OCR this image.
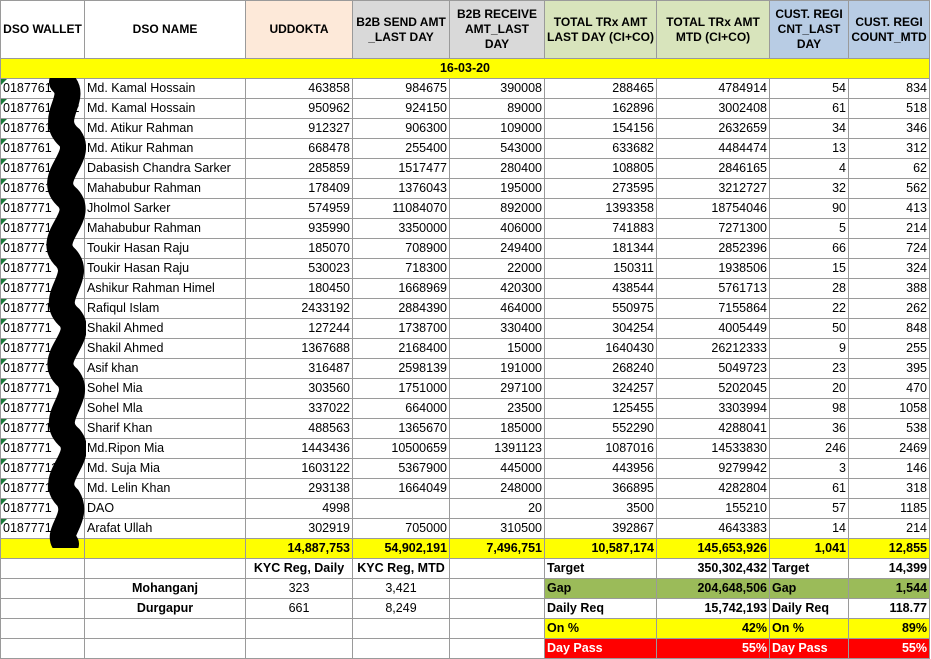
DSO WALLET	DSO NAME	UDDOKTA	B2B SEND AMT _LAST DAY	B2B RECEIVE AMT_LAST DAY	TOTAL TRx AMT LAST DAY (CI+CO)	TOTAL TRx AMT MTD (CI+CO)	CUST. REGI CNT_LAST DAY	CUST. REGI COUNT_MTD
16-03-20								

01877610132	Md. Kamal Hossain	463858	984675	390008	288465	4784914	54	834

01877610132	Md. Kamal Hossain	950962	924150	89000	162896	3002408	61	518

0187761	Md. Atikur Rahman	912327	906300	109000	154156	2632659	34	346

0187761	Md. Atikur Rahman	668478	255400	543000	633682	4484474	13	312

0187761	Dabasish Chandra Sarker	285859	1517477	280400	108805	2846165	4	62

0187761	Mahabubur Rahman	178409	1376043	195000	273595	3212727	32	562

0187771	Jholmol Sarker	574959	11084070	892000	1393358	18754046	90	413

0187771	Mahabubur Rahman	935990	3350000	406000	741883	7271300	5	214

0187771	Toukir Hasan Raju	185070	708900	249400	181344	2852396	66	724

0187771	Toukir Hasan Raju	530023	718300	22000	150311	1938506	15	324

0187771	Ashikur Rahman Himel	180450	1668969	420300	438544	5761713	28	388

0187771	Rafiqul Islam	2433192	2884390	464000	550975	7155864	22	262

0187771	Shakil Ahmed	127244	1738700	330400	304254	4005449	50	848

0187771	Shakil Ahmed	1367688	2168400	15000	1640430	26212333	9	255

0187771	Asif khan	316487	2598139	191000	268240	5049723	23	395

0187771	Sohel Mia	303560	1751000	297100	324257	5202045	20	470

0187771	Sohel Mla	337022	664000	23500	125455	3303994	98	1058

0187771	Sharif Khan	488563	1365670	185000	552290	4288041	36	538

0187771	Md.Ripon Mia	1443436	10500659	1391123	1087016	14533830	246	2469

01877711	Md. Suja Mia	1603122	5367900	445000	443956	9279942	3	146

01877712	Md. Lelin Khan	293138	1664049	248000	366895	4282804	61	318

0187771	DAO	4998		20	3500	155210	57	1185

0187771	Arafat Ullah	302919	705000	310500	392867	4643383	14	214
		14,887,753	54,902,191	7,496,751	10,587,174	145,653,926	1,041	12,855
		KYC Reg, Daily	KYC Reg, MTD		Target	350,302,432	Target	14,399
	Mohanganj	323	3,421		Gap	204,648,506	Gap	1,544
	Durgapur	661	8,249		Daily Req	15,742,193	Daily Req	118.77
					On %	42%	On %	89%
					Day Pass	55%	Day Pass	55%
